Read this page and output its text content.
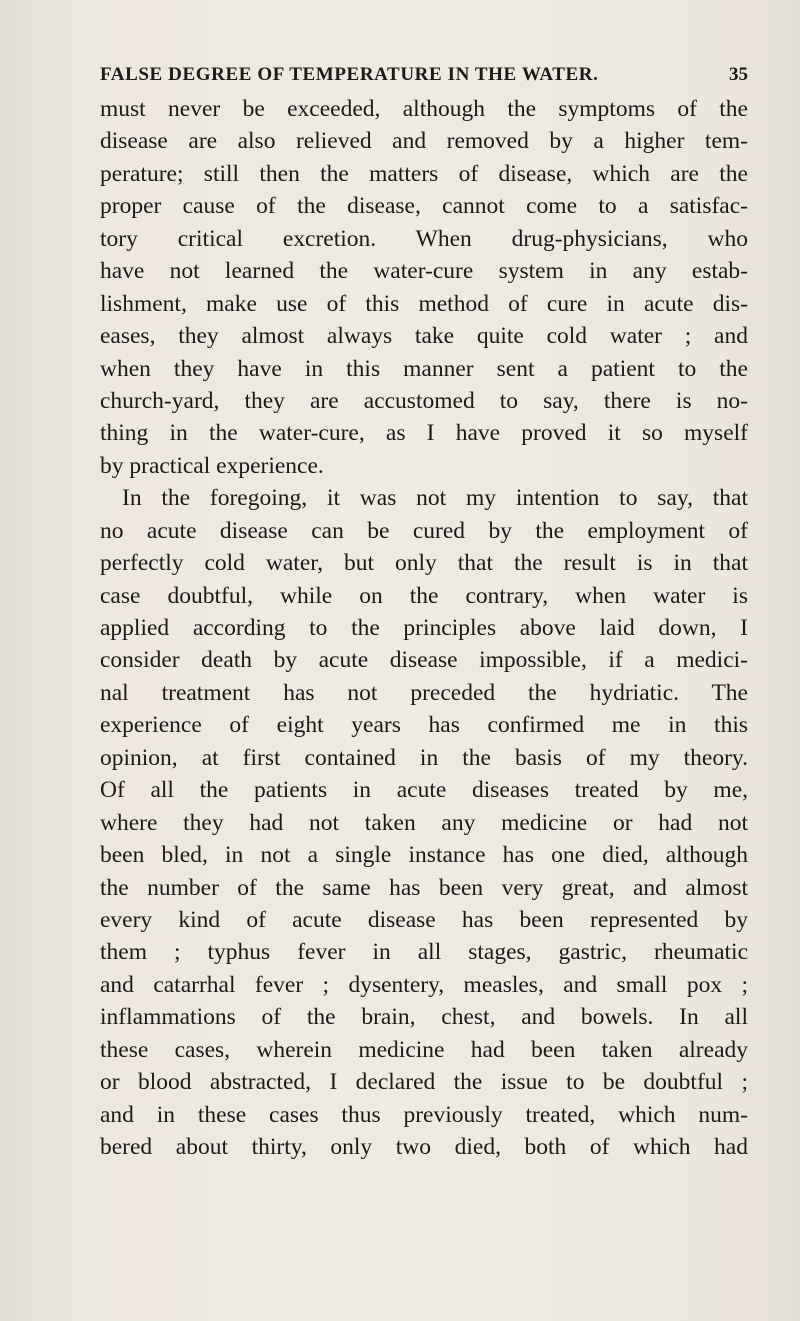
FALSE DEGREE OF TEMPERATURE IN THE WATER.	35
must never be exceeded, although the symptoms of the
disease are also relieved and removed by a higher tem-
perature; still then the matters of disease, which are the
proper cause of the disease, cannot come to a satisfac-
tory critical excretion. When drug-physicians, who
have not learned the water-cure system in any estab-
lishment, make use of this method of cure in acute dis-
eases, they almost always take quite cold water ; and
when they have in this manner sent a patient to the
church-yard, they are accustomed to say, there is no-
thing in the water-cure, as I have proved it so myself
by practical experience.
In the foregoing, it was not my intention to say, that
no acute disease can be cured by the employment of
perfectly cold water, but only that the result is in that
case doubtful, while on the contrary, when water is
applied according to the principles above laid down, I
consider death by acute disease impossible, if a medici-
nal treatment has not preceded the hydriatic. The
experience of eight years has confirmed me in this
opinion, at first contained in the basis of my theory.
Of all the patients in acute diseases treated by me,
where they had not taken any medicine or had not
been bled, in not a single instance has one died, although
the number of the same has been very great, and almost
every kind of acute disease has been represented by
them ; typhus fever in all stages, gastric, rheumatic
and catarrhal fever ; dysentery, measles, and small pox ;
inflammations of the brain, chest, and bowels. In all
these cases, wherein medicine had been taken already
or blood abstracted, I declared the issue to be doubtful ;
and in these cases thus previously treated, which num-
bered about thirty, only two died, both of which had
